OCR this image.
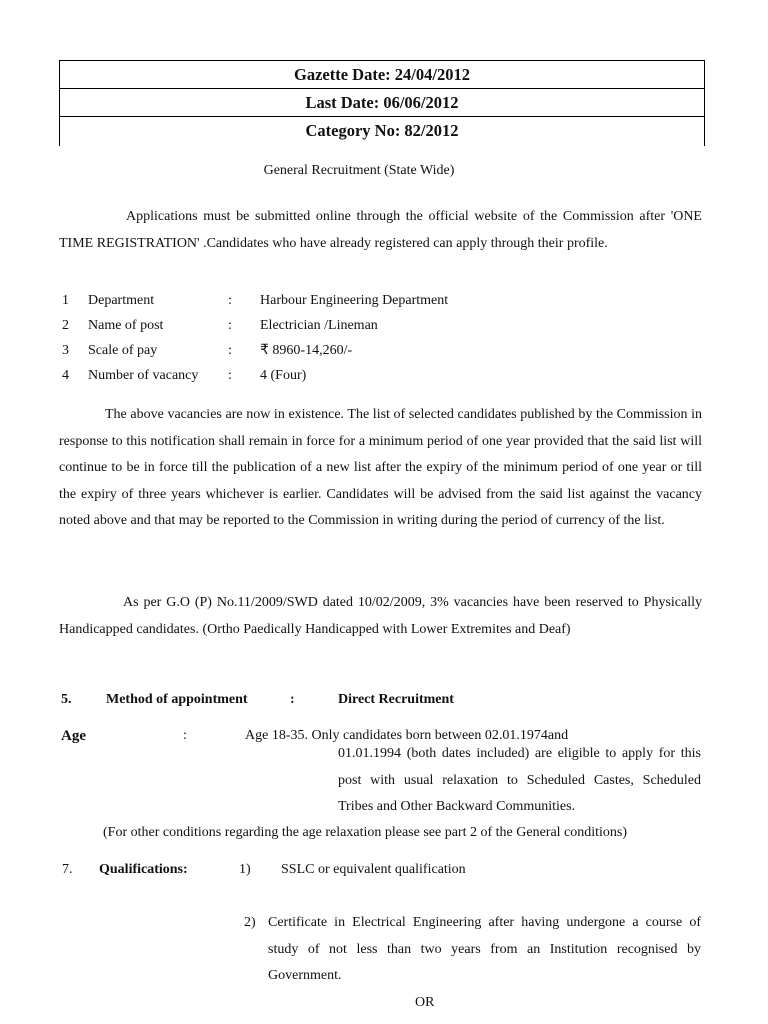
Gazette Date: 24/04/2012
Last Date: 06/06/2012
Category No: 82/2012
General Recruitment (State Wide)
Applications must be submitted online through the official website of the Commission after 'ONE TIME REGISTRATION' .Candidates who have already registered can apply through their profile.
1 Department	: Harbour Engineering Department
2 Name of post	: Electrician /Lineman
3 Scale of pay	: ₹ 8960-14,260/-
4 Number of vacancy : 4 (Four)
The above vacancies are now in existence. The list of selected candidates published by the Commission in response to this notification shall remain in force for a minimum period of one year provided that the said list will continue to be in force till the publication of a new list after the expiry of the minimum period of one year or till the expiry of three years whichever is earlier. Candidates will be advised from the said list against the vacancy noted above and that may be reported to the Commission in writing during the period of currency of the list.
As per G.O (P) No.11/2009/SWD dated 10/02/2009, 3% vacancies have been reserved to Physically Handicapped candidates. (Ortho Paedically Handicapped with Lower Extremites and Deaf)
5. Method of appointment	:	Direct Recruitment
Age	:	Age 18-35. Only candidates born between 02.01.1974and
01.01.1994 (both dates included) are eligible to apply for this post with usual relaxation to Scheduled Castes, Scheduled Tribes and Other Backward Communities.
(For other conditions regarding the age relaxation please see part 2 of the General conditions)
7. Qualifications:	1) SSLC or equivalent qualification
2) Certificate in Electrical Engineering after having undergone a course of study of not less than two years from an Institution recognised by Government.
OR
